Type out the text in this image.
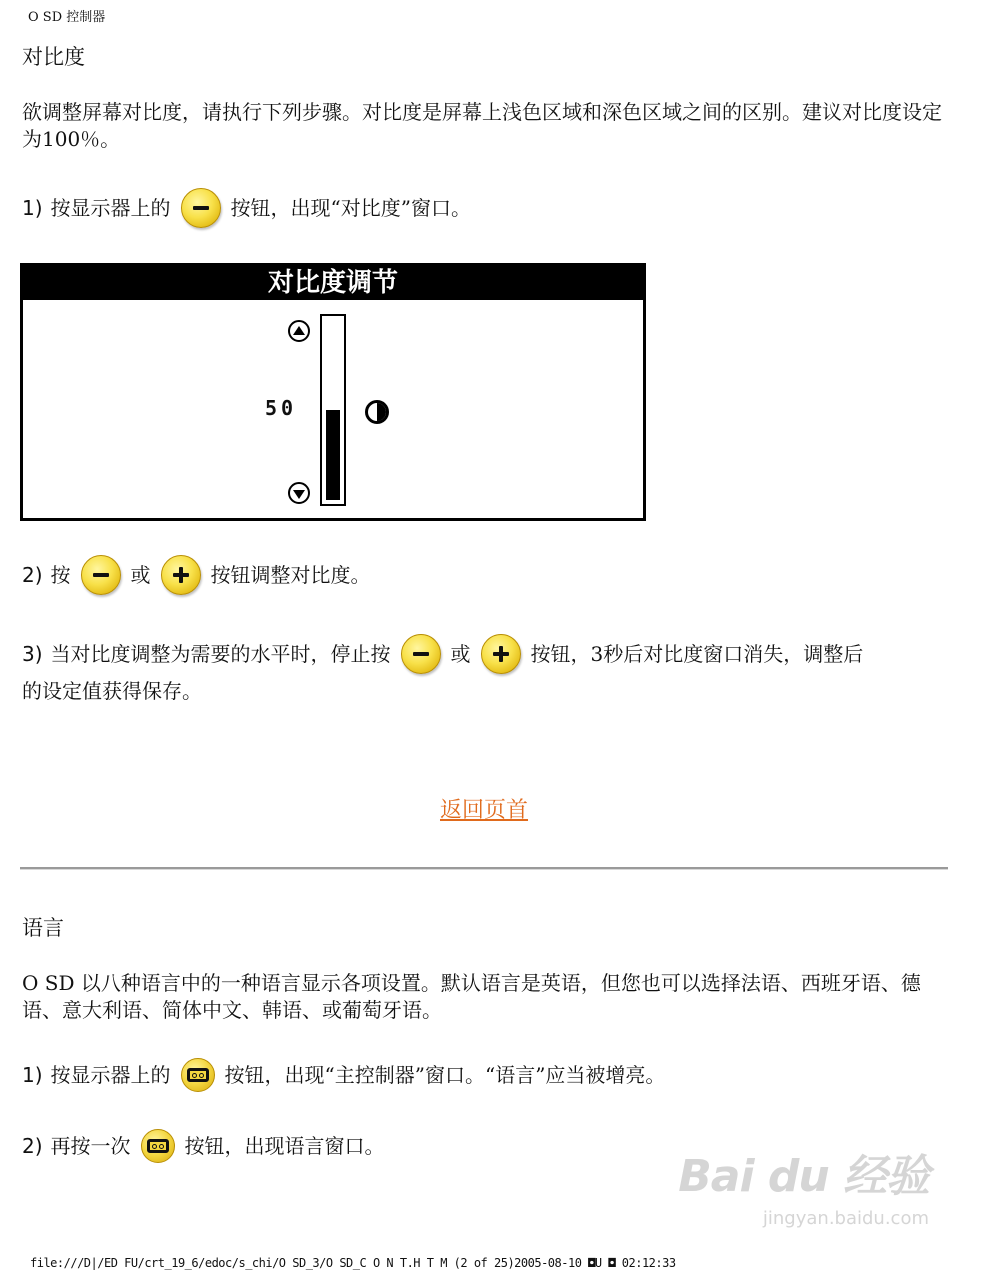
O SD 控制器
对比度
欲调整屏幕对比度，请执行下列步骤。对比度是屏幕上浅色区域和深色区域之间的区别。建议对比度设定为100％。
1) 按显示器上的	按钮，出现“对比度”窗口。
对比度调节
50
2) 按	或	按钮调整对比度。
3) 当对比度调整为需要的水平时，停止按	或	按钮，3秒后对比度窗口消失，调整后
的设定值获得保存。
返回页首
语言
O SD 以八种语言中的一种语言显示各项设置。默认语言是英语，但您也可以选择法语、西班牙语、德语、意大利语、简体中文、韩语、或葡萄牙语。
1) 按显示器上的	按钮，出现“主控制器”窗口。“语言”应当被增亮。
2) 再按一次	按钮，出现语言窗口。
Bai du 经验
jingyan.baidu.com
file:///D|/ED FU/crt_19_6/edoc/s_chi/O SD_3/O SD_C O N T.H T M (2 of 25)2005-08-10 ◘U ◘ 02:12:33
